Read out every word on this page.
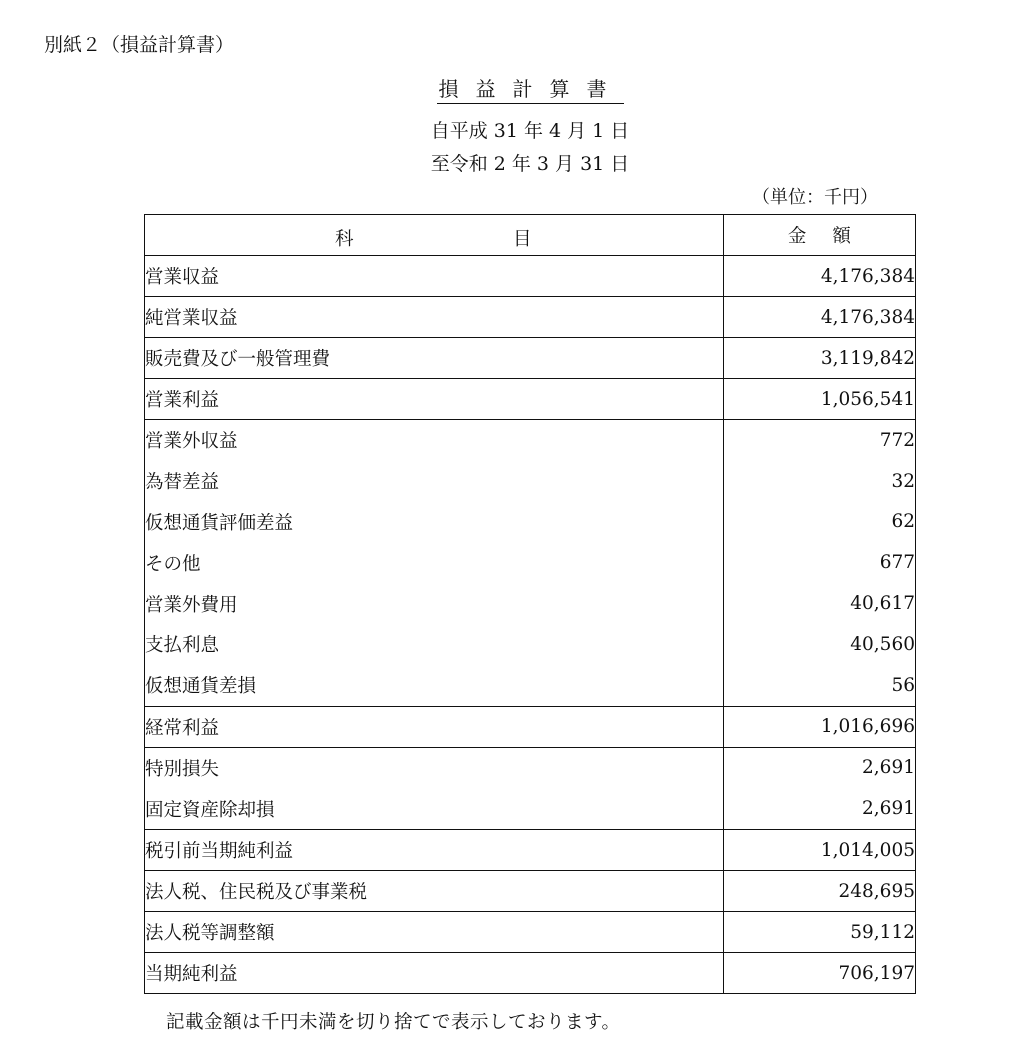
別紙２（損益計算書）
損益計算書
自平成 31 年 4 月 1 日
至令和 2 年 3 月 31 日
（単位：千円）
科 目	金額
営業収益	4,176,384
純営業収益	4,176,384
販売費及び一般管理費	3,119,842
営業利益	1,056,541
営業外収益	772
為替差益	32
仮想通貨評価差益	62
その他	677
営業外費用	40,617
支払利息	40,560
仮想通貨差損	56
経常利益	1,016,696
特別損失	2,691
固定資産除却損	2,691
税引前当期純利益	1,014,005
法人税、住民税及び事業税	248,695
法人税等調整額	59,112
当期純利益	706,197
記載金額は千円未満を切り捨てで表示しております。
